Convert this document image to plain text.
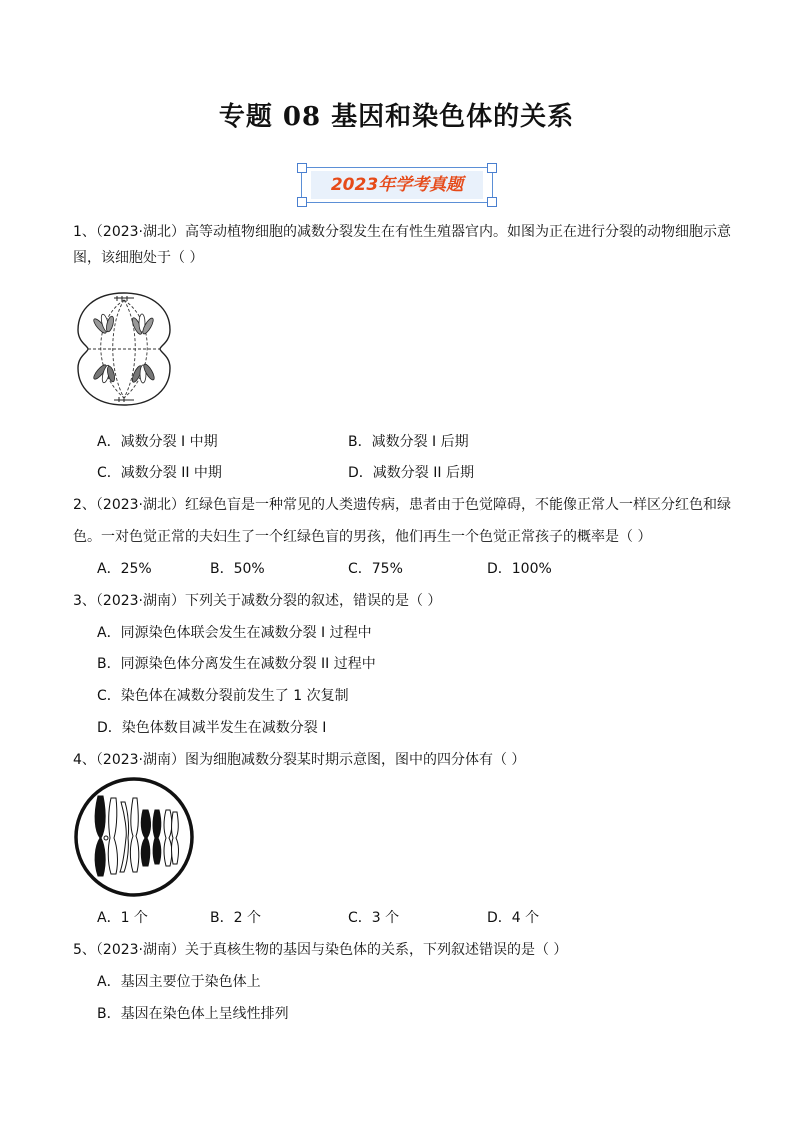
专题 08 基因和染色体的关系
2023年学考真题
1、（2023·湖北）高等动植物细胞的减数分裂发生在有性生殖器官内。如图为正在进行分裂的动物细胞示意
图，该细胞处于（ ）
A．减数分裂 I 中期	B．减数分裂 I 后期
C．减数分裂 II 中期	D．减数分裂 II 后期
2、（2023·湖北）红绿色盲是一种常见的人类遗传病，患者由于色觉障碍，不能像正常人一样区分红色和绿
色。一对色觉正常的夫妇生了一个红绿色盲的男孩，他们再生一个色觉正常孩子的概率是（ ）
A．25%	B．50%	C．75%	D．100%
3、（2023·湖南）下列关于减数分裂的叙述，错误的是（ ）
A．同源染色体联会发生在减数分裂 I 过程中
B．同源染色体分离发生在减数分裂 II 过程中
C．染色体在减数分裂前发生了 1 次复制
D．染色体数目减半发生在减数分裂 I
4、（2023·湖南）图为细胞减数分裂某时期示意图，图中的四分体有（ ）
A．1 个	B．2 个	C．3 个	D．4 个
5、（2023·湖南）关于真核生物的基因与染色体的关系，下列叙述错误的是（ ）
A．基因主要位于染色体上
B．基因在染色体上呈线性排列
